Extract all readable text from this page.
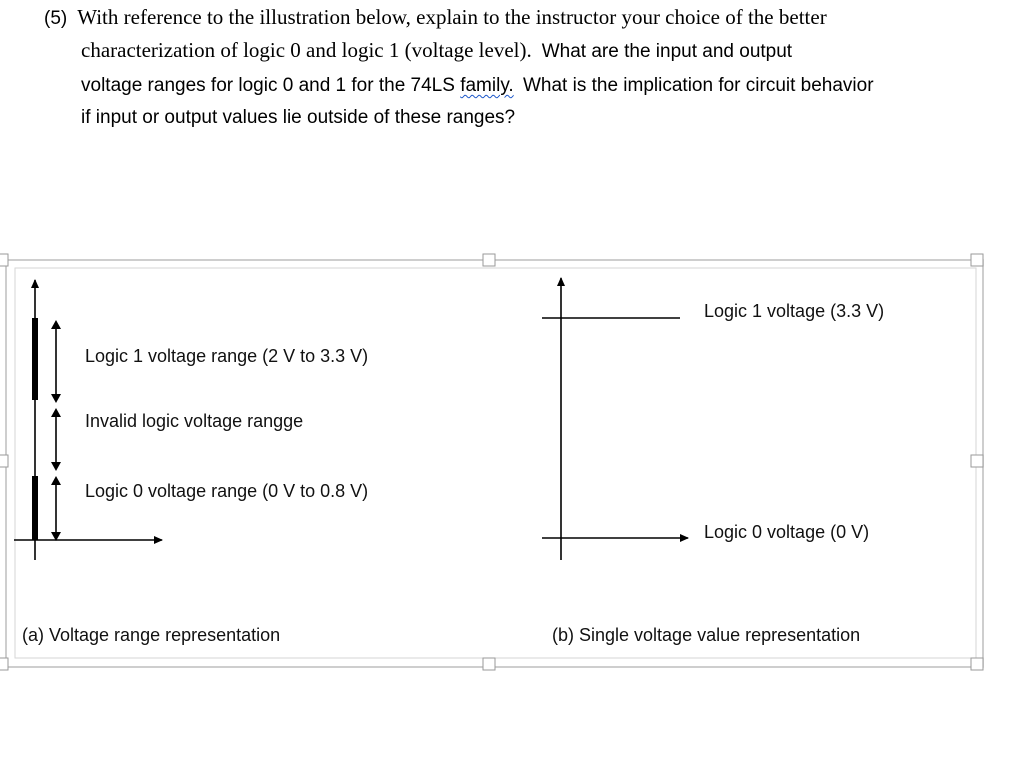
(5) With reference to the illustration below, explain to the instructor your choice of the better
characterization of logic 0 and logic 1 (voltage level). What are the input and output
voltage ranges for logic 0 and 1 for the 74LS family. What is the implication for circuit behavior
if input or output values lie outside of these ranges?
Logic 1 voltage range (2 V to 3.3 V)
Invalid logic voltage rangge
Logic 0 voltage range (0 V to 0.8 V)
(a) Voltage range representation
Logic 1 voltage (3.3 V)
Logic 0 voltage (0 V)
(b) Single voltage value representation
